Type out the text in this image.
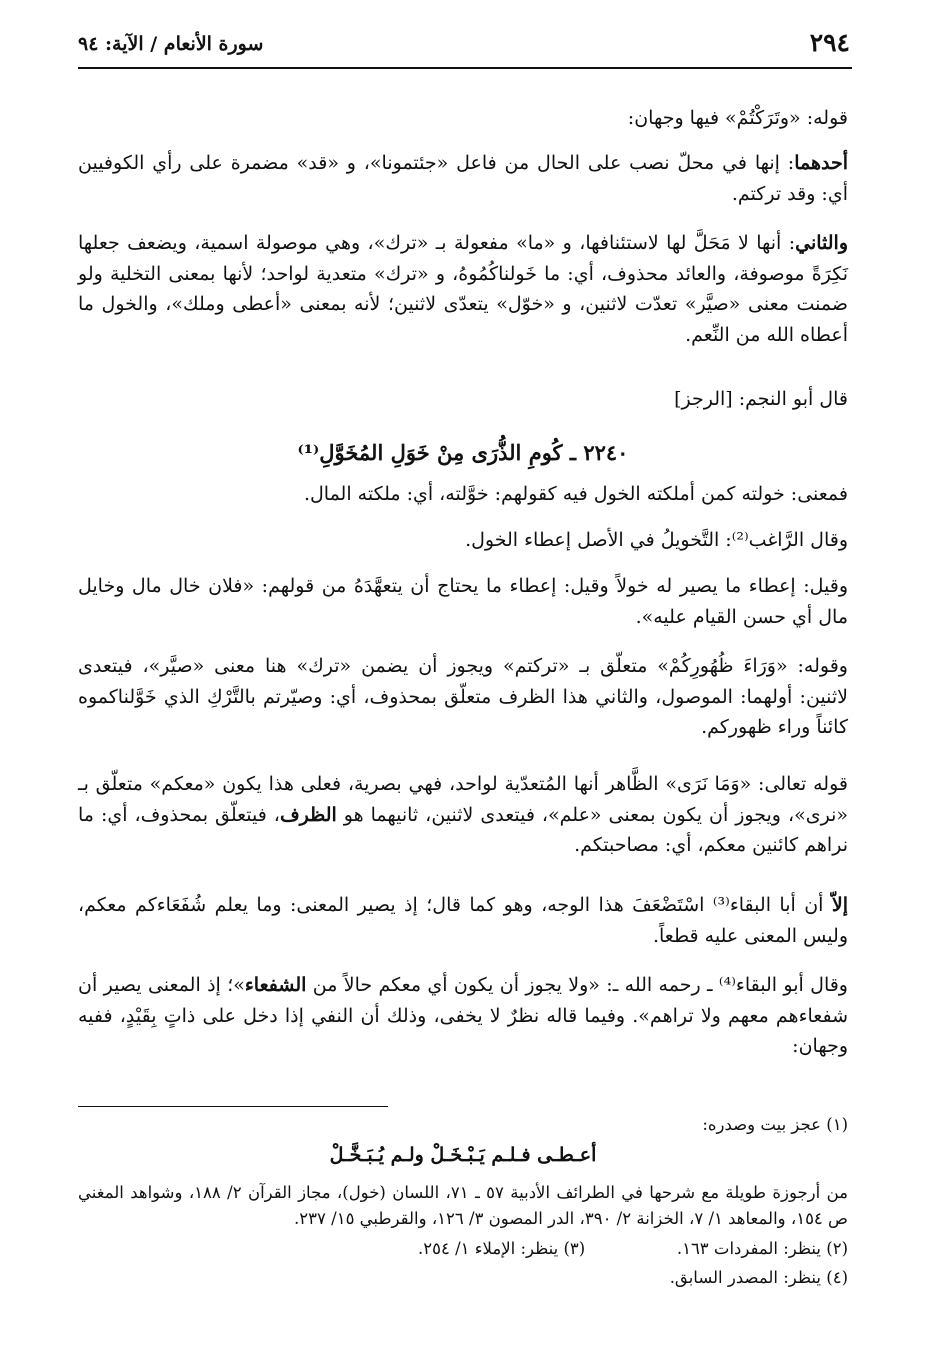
٢٩٤
سورة الأنعام / الآية: ٩٤
قوله: «وتَرَكْتُمْ» فيها وجهان:
أحدهما: إنها في محلّ نصب على الحال من فاعل «جئتمونا»، و «قد» مضمرة على رأي الكوفيين أي: وقد تركتم.
والثاني: أنها لا مَحَلَّ لها لاستئنافها، و «ما» مفعولة بـ «ترك»، وهي موصولة اسمية، ويضعف جعلها نَكِرَةً موصوفة، والعائد محذوف، أي: ما خَولناكُمُوهُ، و «ترك» متعدية لواحد؛ لأنها بمعنى التخلية ولو ضمنت معنى «صيَّر» تعدّت لاثنين، و «خوّل» يتعدّى لاثنين؛ لأنه بمعنى «أعطى وملك»، والخول ما أعطاه الله من النِّعم.
قال أبو النجم: [الرجز]
٢٢٤٠ ـ كُومِ الذُّرَى مِنْ خَوَلِ المُخَوَّلِ⁽¹⁾
فمعنى: خولته كمن أملكته الخول فيه كقولهم: خوَّلته، أي: ملكته المال.
وقال الرَّاغب⁽²⁾: التَّخويلُ في الأصل إعطاء الخول.
وقيل: إعطاء ما يصير له خولاً وقيل: إعطاء ما يحتاج أن يتعهَّدَهُ من قولهم: «فلان خال مال وخايل مال أي حسن القيام عليه».
وقوله: «وَرَاءَ ظُهُورِكُمْ» متعلّق بـ «تركتم» ويجوز أن يضمن «ترك» هنا معنى «صيَّر»، فيتعدى لاثنين: أولهما: الموصول، والثاني هذا الظرف متعلّق بمحذوف، أي: وصيّرتم بالتَّرْكِ الذي خَوَّلناكموه كائناً وراء ظهوركم.
قوله تعالى: «وَمَا نَرَى» الظَّاهر أنها المُتعدّية لواحد، فهي بصرية، فعلى هذا يكون «معكم» متعلّق بـ «نرى»، ويجوز أن يكون بمعنى «علم»، فيتعدى لاثنين، ثانيهما هو الظرف، فيتعلّق بمحذوف، أي: ما نراهم كائنين معكم، أي: مصاحبتكم.
إلاّ أن أبا البقاء⁽³⁾ اسْتَضْعَفَ هذا الوجه، وهو كما قال؛ إذ يصير المعنى: وما يعلم شُفَعَاءكم معكم، وليس المعنى عليه قطعاً.
وقال أبو البقاء⁽⁴⁾ ـ رحمه الله ـ: «ولا يجوز أن يكون أي معكم حالاً من الشفعاء»؛ إذ المعنى يصير أن شفعاءهم معهم ولا تراهم». وفيما قاله نظرٌ لا يخفى، وذلك أن النفي إذا دخل على ذاتٍ بِقَيْدٍ، ففيه وجهان:
(١) عجز بيت وصدره:
أعـطـى فـلـم يَـبْـخَـلْ ولـم يُـبَـخَّـلْ
من أرجوزة طويلة مع شرحها في الطرائف الأدبية ٥٧ ـ ٧١، اللسان (خول)، مجاز القرآن ٢/ ١٨٨، وشواهد المغني ص ١٥٤، والمعاهد ١/ ٧، الخزانة ٢/ ٣٩٠، الدر المصون ٣/ ١٢٦، والقرطبي ١٥/ ٢٣٧.
(٢) ينظر: المفردات ١٦٣.
(٣) ينظر: الإملاء ١/ ٢٥٤.
(٤) ينظر: المصدر السابق.
